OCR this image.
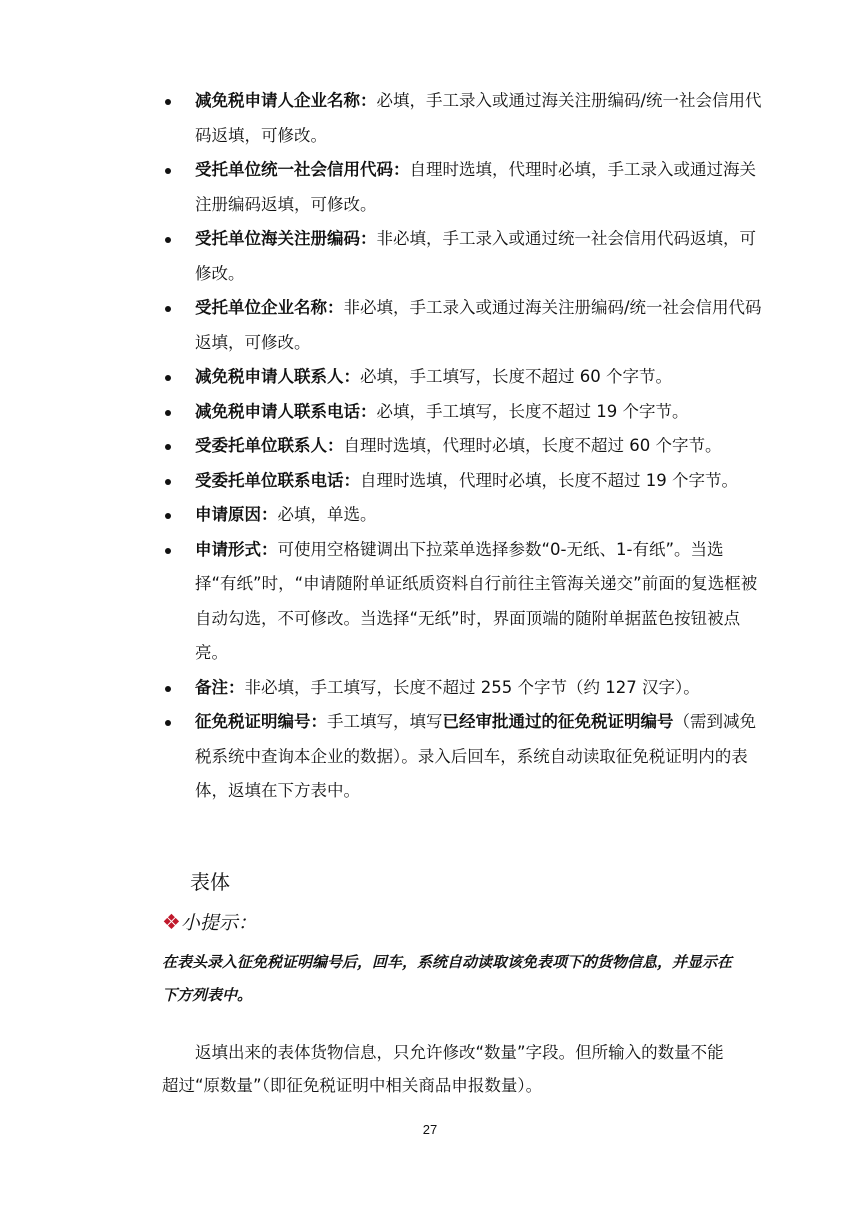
减免税申请人企业名称：必填，手工录入或通过海关注册编码/统一社会信用代码返填，可修改。
受托单位统一社会信用代码：自理时选填，代理时必填，手工录入或通过海关注册编码返填，可修改。
受托单位海关注册编码：非必填，手工录入或通过统一社会信用代码返填，可修改。
受托单位企业名称：非必填，手工录入或通过海关注册编码/统一社会信用代码返填，可修改。
减免税申请人联系人：必填，手工填写，长度不超过 60 个字节。
减免税申请人联系电话：必填，手工填写，长度不超过 19 个字节。
受委托单位联系人：自理时选填，代理时必填，长度不超过 60 个字节。
受委托单位联系电话：自理时选填，代理时必填，长度不超过 19 个字节。
申请原因：必填，单选。
申请形式：可使用空格键调出下拉菜单选择参数“0-无纸、1-有纸”。当选择“有纸”时，“申请随附单证纸质资料自行前往主管海关递交”前面的复选框被自动勾选，不可修改。当选择“无纸”时，界面顶端的随附单据蓝色按钮被点亮。
备注：非必填，手工填写，长度不超过 255 个字节（约 127 汉字）。
征免税证明编号：手工填写，填写已经审批通过的征免税证明编号（需到减免税系统中查询本企业的数据）。录入后回车，系统自动读取征免税证明内的表体，返填在下方表中。
表体
❖小提示：
在表头录入征免税证明编号后，回车，系统自动读取该免表项下的货物信息，并显示在下方列表中。
返填出来的表体货物信息，只允许修改“数量”字段。但所输入的数量不能超过“原数量”（即征免税证明中相关商品申报数量）。
27
